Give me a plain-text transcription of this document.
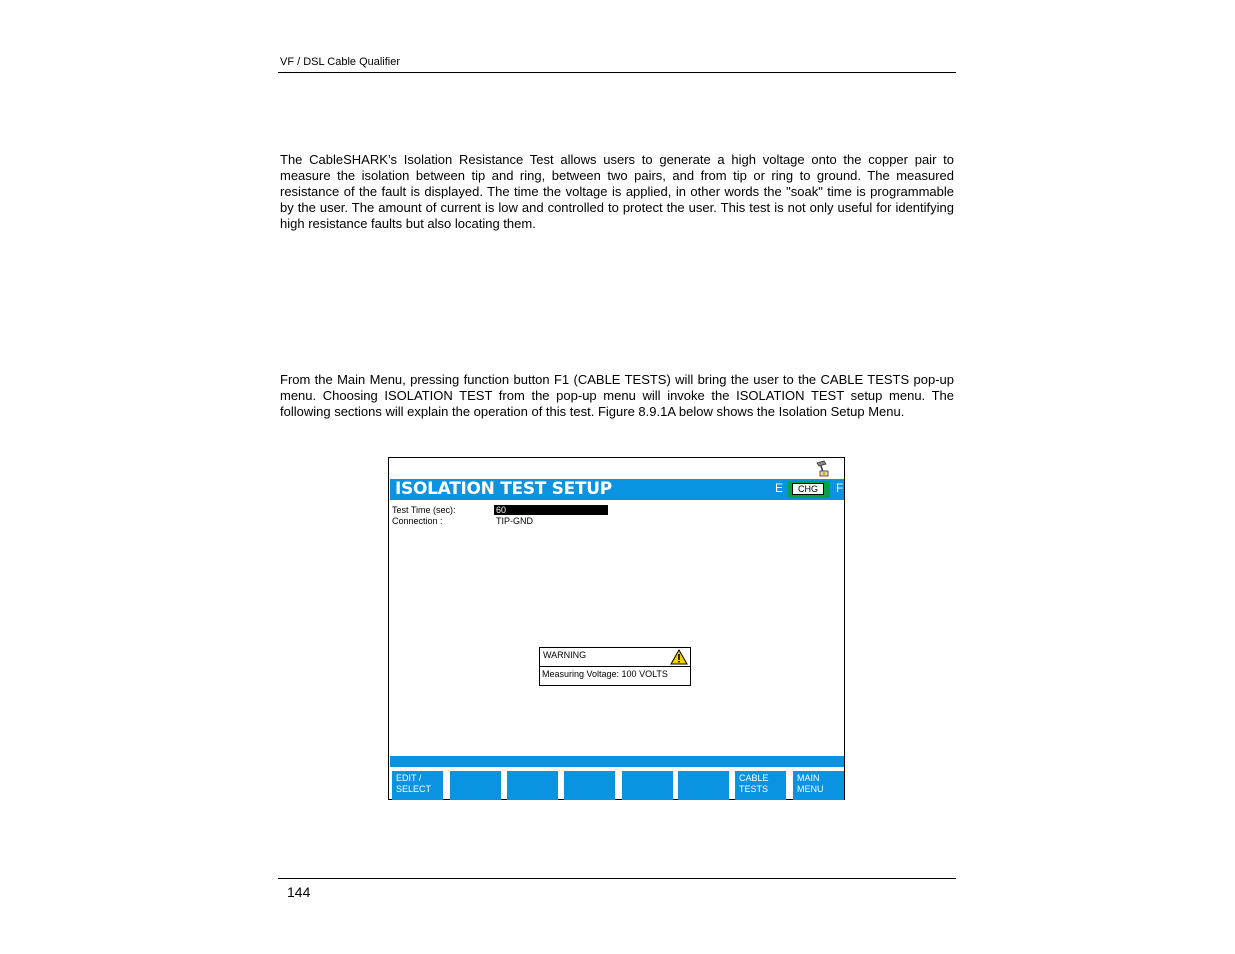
VF / DSL Cable Qualifier

The CableSHARK’s Isolation Resistance Test allows users to generate a high voltage onto the copper pair to measure the isolation between tip and ring, between two pairs, and from tip or ring to ground. The measured resistance of the fault is displayed. The time the voltage is applied, in other words the "soak" time is programmable by the user. The amount of current is low and controlled to protect the user. This test is not only useful for identifying high resistance faults but also locating them.

From the Main Menu, pressing function button F1 (CABLE TESTS) will bring the user to the CABLE TESTS pop-up menu. Choosing ISOLATION TEST from the pop-up menu will invoke the ISOLATION TEST setup menu. The following sections will explain the operation of this test. Figure 8.9.1A below shows the Isolation Setup Menu.

ISOLATION TEST SETUP	E	CHG	F
Test Time (sec):	60
Connection :	TIP-GND
WARNING
Measuring Voltage: 100 VOLTS
EDIT /
SELECT
CABLE
TESTS
MAIN
MENU
144
